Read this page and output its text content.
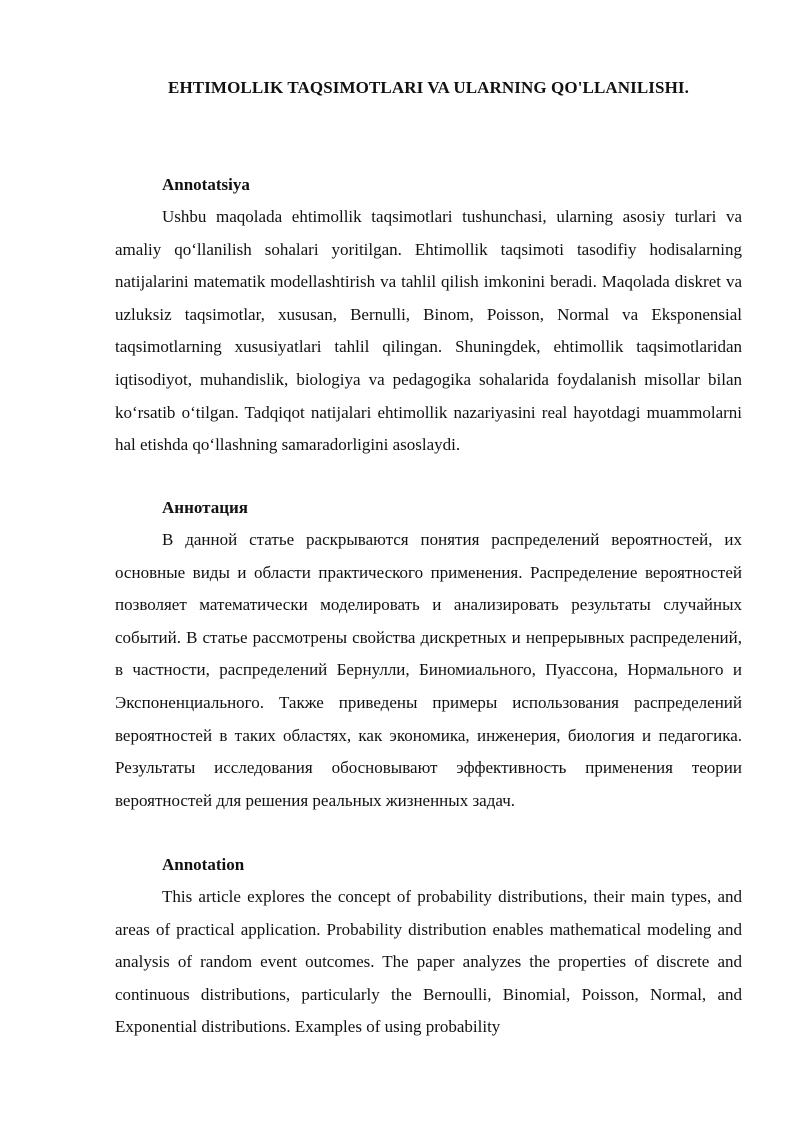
EHTIMOLLIK TAQSIMOTLARI VA ULARNING QO'LLANILISHI.

Annotatsiya

Ushbu maqolada ehtimollik taqsimotlari tushunchasi, ularning asosiy turlari va amaliy qo‘llanilish sohalari yoritilgan. Ehtimollik taqsimoti tasodifiy hodisalarning natijalarini matematik modellashtirish va tahlil qilish imkonini beradi. Maqolada diskret va uzluksiz taqsimotlar, xususan, Bernulli, Binom, Poisson, Normal va Eksponensial taqsimotlarning xususiyatlari tahlil qilingan. Shuningdek, ehtimollik taqsimotlaridan iqtisodiyot, muhandislik, biologiya va pedagogika sohalarida foydalanish misollar bilan ko‘rsatib o‘tilgan. Tadqiqot natijalari ehtimollik nazariyasini real hayotdagi muammolarni hal etishda qo‘llashning samaradorligini asoslaydi.

Аннотация

В данной статье раскрываются понятия распределений вероятностей, их основные виды и области практического применения. Распределение вероятностей позволяет математически моделировать и анализировать результаты случайных событий. В статье рассмотрены свойства дискретных и непрерывных распределений, в частности, распределений Бернулли, Биномиального, Пуассона, Нормального и Экспоненциального. Также приведены примеры использования распределений вероятностей в таких областях, как экономика, инженерия, биология и педагогика. Результаты исследования обосновывают эффективность применения теории вероятностей для решения реальных жизненных задач.

Annotation

This article explores the concept of probability distributions, their main types, and areas of practical application. Probability distribution enables mathematical modeling and analysis of random event outcomes. The paper analyzes the properties of discrete and continuous distributions, particularly the Bernoulli, Binomial, Poisson, Normal, and Exponential distributions. Examples of using probability
